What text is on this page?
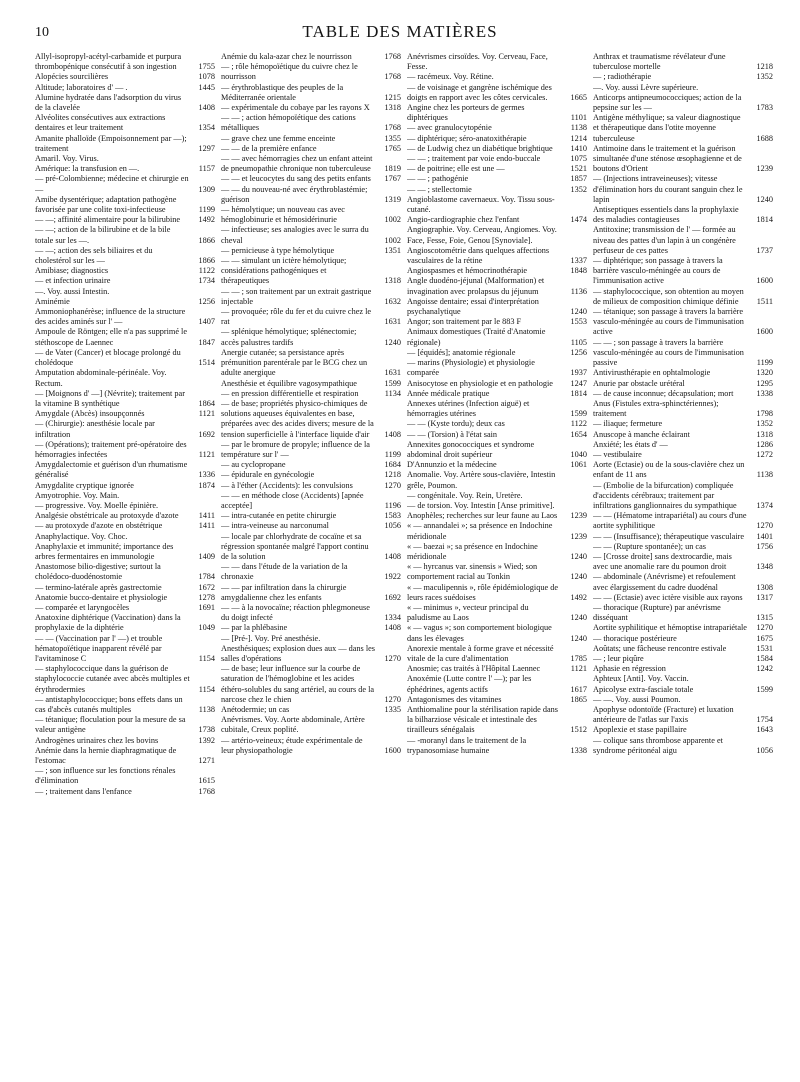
10	TABLE DES MATIÈRES
Allyl-isopropyl-acétyl-carbamide et purpura thrombopénique consécutif à son ingestion	1755
Alopécies sourcilières	1078
Altitude; laboratoires d' — .	1445
Alumine hydratée dans l'adsorption du virus de la clavelée	1408
Alvéolites consécutives aux extractions dentaires et leur traitement	1354
Amanite phalloïde (Empoisonnement par —); traitement	1297
Amaril. Voy. Virus.
Amérique: la transfusion en —.	1157
— pré-Colombienne; médecine et chirurgie en —	1309
Amibe dysentérique; adaptation pathogène favorisée par une colite toxi-infectieuse	1199
— —; affinité alimentaire pour la bilirubine	1492
— —; action de la bilirubine et de la bile totale sur les —.	1866
— —; action des sels biliaires et du cholestérol sur les —	1866
Amibiase; diagnostics	1122
— et infection urinaire	1734
—. Voy. aussi Intestin.
Aminémie	1256
Ammoniophanérèse; influence de la structure des acides aminés sur l' —	1407
Ampoule de Röntgen; elle n'a pas supprimé le stéthoscope de Laennec	1847
— de Vater (Cancer) et blocage prolongé du cholédoque	1514
Amputation abdominale-périnéale. Voy. Rectum.
— [Moignons d' —] (Névrite); traitement par la vitamine B synthétique	1864
Amygdale (Abcès) insoupçonnés	1121
— (Chirurgie): anesthésie locale par infiltration	1692
— (Opérations); traitement pré-opératoire des hémorragies infectées	1121
Amygdalectomie et guérison d'un rhumatisme généralisé	1336
Amygdalite cryptique ignorée	1874
Amyotrophie. Voy. Main.
— progressive. Voy. Moelle épinière.
Analgésie obstétricale au protoxyde d'azote	1411
— au protoxyde d'azote en obstétrique	1411
Anaphylactique. Voy. Choc.
Anaphylaxie et immunité; importance des arbres fermentaires en immunologie	1409
Anastomose bilio-digestive; surtout la cholédoco-duodénostomie	1784
— termino-latérale après gastrectomie	1672
Anatomie bucco-dentaire et physiologie	1278
— comparée et laryngocèles	1691
Anatoxine diphtérique (Vaccination) dans la prophylaxie de la diphtérie	1049
— — (Vaccination par l' —) et trouble hématopoïétique inapparent révélé par l'avitaminose C	1154
— staphylococcique dans la guérison de staphylococcie cutanée avec abcès multiples et érythrodermies	1154
— antistaphylococcique; bons effets dans un cas d'abcès cutanés multiples	1138
— tétanique; floculation pour la mesure de sa valeur antigène	1738
Androgènes urinaires chez les bovins	1392
Anémie dans la hernie diaphragmatique de l'estomac	1271
— ; son influence sur les fonctions rénales d'élimination	1615
— ; traitement dans l'enfance	1768
Anémie du kala-azar chez le nourrisson	1768
— ; rôle hémopoïétique du cuivre chez le nourrisson	1768
— érythroblastique des peuples de la Méditerranée orientale	1215
— expérimentale du cobaye par les rayons X	1318
— — ; action hémopoïétique des cations métalliques	1768
— grave chez une femme enceinte	1355
— — de la première enfance	1765
— — avec hémorragies chez un enfant atteint de pneumopathie chronique non tuberculeuse	1819
— — et leucocytes du sang des petits enfants	1767
— — du nouveau-né avec érythroblastémie; guérison	1319
— hémolytique; un nouveau cas avec hémoglobinurie et hémosidérinurie	1002
— infectieuse; ses analogies avec le surra du cheval	1002
— pernicieuse à type hémolytique	1351
— — simulant un ictère hémolytique; considérations pathogéniques et thérapeutiques	1318
— — ; son traitement par un extrait gastrique injectable	1632
— provoquée; rôle du fer et du cuivre chez le rat	1631
— splénique hémolytique; splénectomie; accès palustres tardifs	1240
Anergie cutanée; sa persistance après prémunition parentérale par le BCG chez un adulte anergique	1631
Anesthésie et équilibre vagosympathique	1599
— en pression différentielle et respiration	1134
— de base; propriétés physico-chimiques de solutions aqueuses équivalentes en base, préparées avec des acides divers; mesure de la tension superficielle à l'interface liquide d'air	1408
— par le bromure de propyle; influence de la température sur l' —	1199
— au cyclopropane	1684
— épidurale en gynécologie	1218
— à l'éther (Accidents): les convulsions	1270
— — en méthode close (Accidents) [apnée acceptée]	1196
— intra-cutanée en petite chirurgie	1583
— intra-veineuse au narconumal	1056
— locale par chlorhydrate de cocaïne et sa régression spontanée malgré l'apport continu de la solution	1408
— — dans l'étude de la variation de la chronaxie	1922
— — par infiltration dans la chirurgie amygdalienne chez les enfants	1692
— — à la novocaïne; réaction phlegmoneuse du doigt infecté	1334
— par la phlébasine	1408
— [Pré-]. Voy. Pré anesthésie.
Anesthésiques; explosion dues aux — dans les salles d'opérations	1270
— de base; leur influence sur la courbe de saturation de l'hémoglobine et les acides éthéro-solubles du sang artériel, au cours de la narcose chez le chien	1270
Anétodermie; un cas	1335
Anévrismes. Voy. Aorte abdominale, Artère cubitale, Creux poplité.
— artério-veineux; étude expérimentale de leur physiopathologie	1600
Anévrismes cirsoïdes. Voy. Cerveau, Face, Fesse.
— racémeux. Voy. Rétine.
— de voisinage et gangrène ischémique des doigts en rapport avec les côtes cervicales.	1665
Angine chez les porteurs de germes diphtériques	1101
— avec granulocytopénie	1138
— diphtérique; séro-anatoxithérapie	1214
— de Ludwig chez un diabétique brightique	1410
— — ; traitement par voie endo-buccale	1075
— de poitrine; elle est une —	1521
— — ; pathogénie	1857
— — ; stellectomie	1352
Angioblastome cavernaeux. Voy. Tissu sous-cutané.
Angio-cardiographie chez l'enfant	1474
Angiographie. Voy. Cerveau, Angiomes. Voy. Face, Fesse, Foie, Genou [Synoviale].
Angioscotométrie dans quelques affections vasculaires de la rétine	1337
Angiospasmes et hémocrinothérapie	1848
Angle duodéno-jéjunal (Malformation) et invagination avec prolapsus du jéjunum	1136
Angoisse dentaire; essai d'interprétation psychanalytique	1240
Angor; son traitement par le 883 F	1553
Animaux domestiques (Traité d'Anatomie régionale)	1105
— [équidés]; anatomie régionale	1256
— marins (Physiologie) et physiologie comparée	1937
Anisocytose en physiologie et en pathologie	1247
Année médicale pratique	1814
Annexes utérines (Infection aiguë) et hémorragies utérines	1599
— — (Kyste tordu); deux cas	1122
— — (Torsion) à l'état sain	1654
Annexites gonococciques et syndrome abdominal droit supérieur	1040
D'Annunzio et la médecine	1061
Anomalie. Voy. Artère sous-clavière, Intestin grêle, Poumon.
— congénitale. Voy. Rein, Uretère.
— de torsion. Voy. Intestin [Anse primitive].
Anophèles; recherches sur leur faune au Laos	1239
« — annandalei »; sa présence en Indochine méridionale	1239
« — baezai »; sa présence en Indochine méridionale	1240
« — hyrcanus var. sinensis » Wied; son comportement racial au Tonkin	1240
« — maculipennis », rôle épidémiologique de leurs races suédoises	1492
« — minimus », vecteur principal du paludisme au Laos	1240
« — vagus »; son comportement biologique dans les élevages	1240
Anorexie mentale à forme grave et nécessité vitale de la cure d'alimentation	1785
Anosmie; cas traités à l'Hôpital Laennec	1121
Anoxémie (Lutte contre l' —); par les éphédrines, agents actifs	1617
Antagonismes des vitamines	1865
Anthiomaline pour la stérilisation rapide dans la bilharziose vésicale et intestinale des tirailleurs sénégalais	1512
— -moranyl dans le traitement de la trypanosomiase humaine	1338
Anthrax et traumatisme révélateur d'une tuberculose mortelle	1218
— ; radiothérapie	1352
—. Voy. aussi Lèvre supérieure.
Anticorps antipneumococciques; action de la pepsine sur les —	1783
Antigène méthylique; sa valeur diagnostique et thérapeutique dans l'otite moyenne tuberculeuse	1688
Antimoine dans le traitement et la guérison simultanée d'une sténose œsophagienne et de boutons d'Orient	1239
— (Injections intraveineuses); vitesse d'élimination hors du courant sanguin chez le lapin	1240
Antiseptiques essentiels dans la prophylaxie des maladies contagieuses	1814
Antitoxine; transmission de l' — formée au niveau des pattes d'un lapin à un congénère perfuseur de ces pattes	1737
— diphtérique; son passage à travers la barrière vasculo-méningée au cours de l'immunisation active	1600
— staphylococcique, son obtention au moyen de milieux de composition chimique définie	1511
— tétanique; son passage à travers la barrière vasculo-méningée au cours de l'immunisation active	1600
— — ; son passage à travers la barrière vasculo-méningée au cours de l'immunisation passive	1199
Antivirusthérapie en ophtalmologie	1320
Anurie par obstacle urétéral	1295
— de cause inconnue; décapsulation; mort	1338
Anus (Fistules extra-sphinctériennes); traitement	1798
— iliaque; fermeture	1352
Anuscope à manche éclairant	1318
Anxiété; les états d' —	1286
— vestibulaire	1272
Aorte (Ectasie) ou de la sous-clavière chez un enfant de 11 ans	1138
— (Embolie de la bifurcation) compliquée d'accidents cérébraux; traitement par infiltrations ganglionnaires du sympathique	1374
— — (Hématome intrapariétal) au cours d'une aortite syphilitique	1270
— — (Insuffisance); thérapeutique vasculaire	1401
— — (Rupture spontanée); un cas	1756
— [Crosse droite] sans dextrocardie, mais avec une anomalie rare du poumon droit	1348
— abdominale (Anévrisme) et refoulement avec élargissement du cadre duodénal	1308
— — (Ectasie) avec ictère visible aux rayons	1317
— thoracique (Rupture) par anévrisme disséquant	1315
Aortite syphilitique et hémoptise intrapariétale 1270
— thoracique postérieure	1675
Aoûtats; une fâcheuse rencontre estivale	1531
— ; leur piqûre	1584
Aphasie en régression	1242
Aphteux [Anti]. Voy. Vaccin.
Apicolyse extra-fasciale totale	1599
— —. Voy. aussi Poumon.
Apophyse odontoïde (Fracture) et luxation antérieure de l'atlas sur l'axis	1754
Apoplexie et stase papillaire	1643
— colique sans thrombose apparente et syndrome péritonéal aigu	1056
